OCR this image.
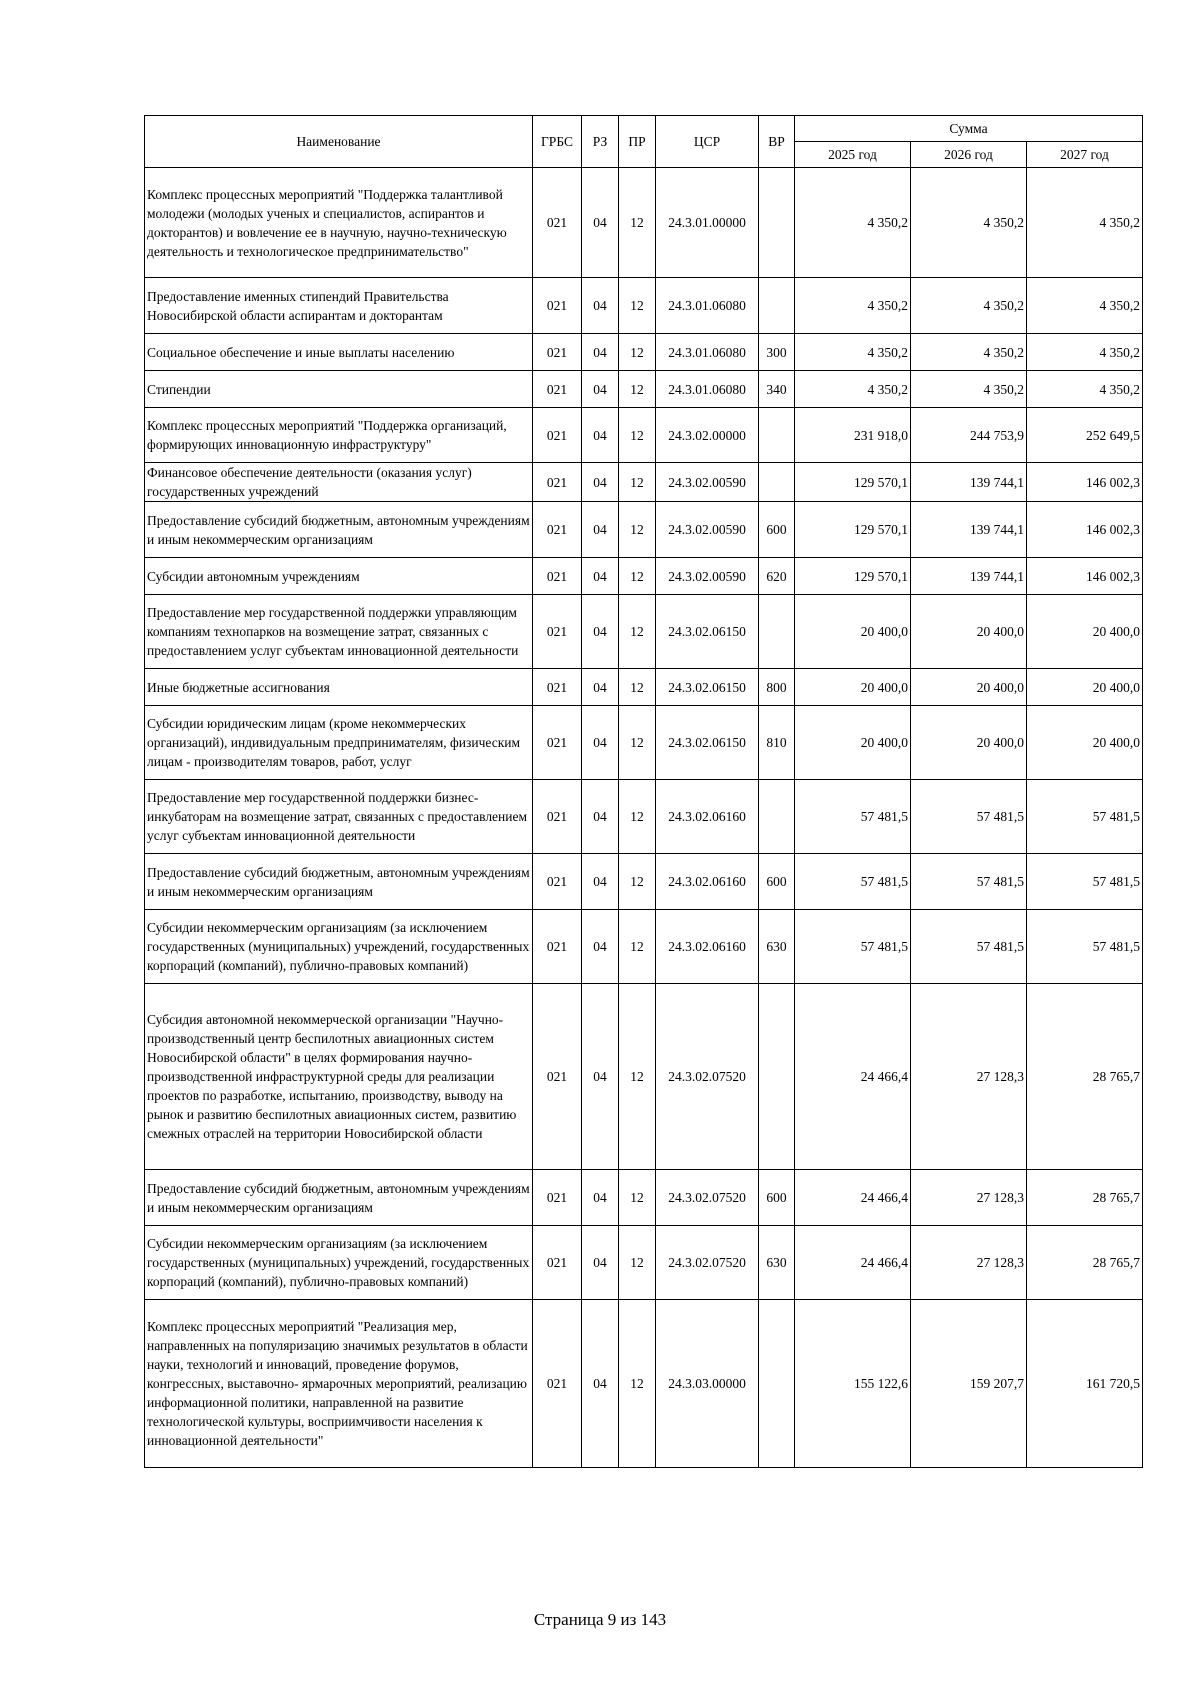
Наименование	ГРБС	РЗ	ПР	ЦСР	ВР	Сумма		
						2025 год	2026 год	2027 год
Комплекс процессных мероприятий "Поддержка талантливой молодежи (молодых ученых и специалистов, аспирантов и докторантов) и вовлечение ее в научную, научно-техническую деятельность и технологическое предпринимательство"	021	04	12	24.3.01.00000		4 350,2	4 350,2	4 350,2
Предоставление именных стипендий Правительства Новосибирской области аспирантам и докторантам	021	04	12	24.3.01.06080		4 350,2	4 350,2	4 350,2
Социальное обеспечение и иные выплаты населению	021	04	12	24.3.01.06080	300	4 350,2	4 350,2	4 350,2
Стипендии	021	04	12	24.3.01.06080	340	4 350,2	4 350,2	4 350,2
Комплекс процессных мероприятий "Поддержка организаций, формирующих инновационную инфраструктуру"	021	04	12	24.3.02.00000		231 918,0	244 753,9	252 649,5
Финансовое обеспечение деятельности (оказания услуг) государственных учреждений	021	04	12	24.3.02.00590		129 570,1	139 744,1	146 002,3
Предоставление субсидий бюджетным, автономным учреждениям и иным некоммерческим организациям	021	04	12	24.3.02.00590	600	129 570,1	139 744,1	146 002,3
Субсидии автономным учреждениям	021	04	12	24.3.02.00590	620	129 570,1	139 744,1	146 002,3
Предоставление мер государственной поддержки управляющим компаниям технопарков на возмещение затрат, связанных с предоставлением услуг субъектам инновационной деятельности	021	04	12	24.3.02.06150		20 400,0	20 400,0	20 400,0
Иные бюджетные ассигнования	021	04	12	24.3.02.06150	800	20 400,0	20 400,0	20 400,0
Субсидии юридическим лицам (кроме некоммерческих организаций), индивидуальным предпринимателям, физическим лицам - производителям товаров, работ, услуг	021	04	12	24.3.02.06150	810	20 400,0	20 400,0	20 400,0
Предоставление мер государственной поддержки бизнес-инкубаторам на возмещение затрат, связанных с предоставлением услуг субъектам инновационной деятельности	021	04	12	24.3.02.06160		57 481,5	57 481,5	57 481,5
Предоставление субсидий бюджетным, автономным учреждениям и иным некоммерческим организациям	021	04	12	24.3.02.06160	600	57 481,5	57 481,5	57 481,5
Субсидии некоммерческим организациям (за исключением государственных (муниципальных) учреждений, государственных корпораций (компаний), публично-правовых компаний)	021	04	12	24.3.02.06160	630	57 481,5	57 481,5	57 481,5
Субсидия автономной некоммерческой организации "Научно-производственный центр беспилотных авиационных систем Новосибирской области" в целях формирования научно-производственной инфраструктурной среды для реализации проектов по разработке, испытанию, производству, выводу на рынок и развитию беспилотных авиационных систем, развитию смежных отраслей на территории Новосибирской области	021	04	12	24.3.02.07520		24 466,4	27 128,3	28 765,7
Предоставление субсидий бюджетным, автономным учреждениям и иным некоммерческим организациям	021	04	12	24.3.02.07520	600	24 466,4	27 128,3	28 765,7
Субсидии некоммерческим организациям (за исключением государственных (муниципальных) учреждений, государственных корпораций (компаний), публично-правовых компаний)	021	04	12	24.3.02.07520	630	24 466,4	27 128,3	28 765,7
Комплекс процессных мероприятий "Реализация мер, направленных на популяризацию значимых результатов в области науки, технологий и инноваций, проведение форумов, конгрессных, выставочно- ярмарочных мероприятий, реализацию информационной политики, направленной на развитие технологической культуры, восприимчивости населения к инновационной деятельности"	021	04	12	24.3.03.00000		155 122,6	159 207,7	161 720,5
Страница 9 из 143
